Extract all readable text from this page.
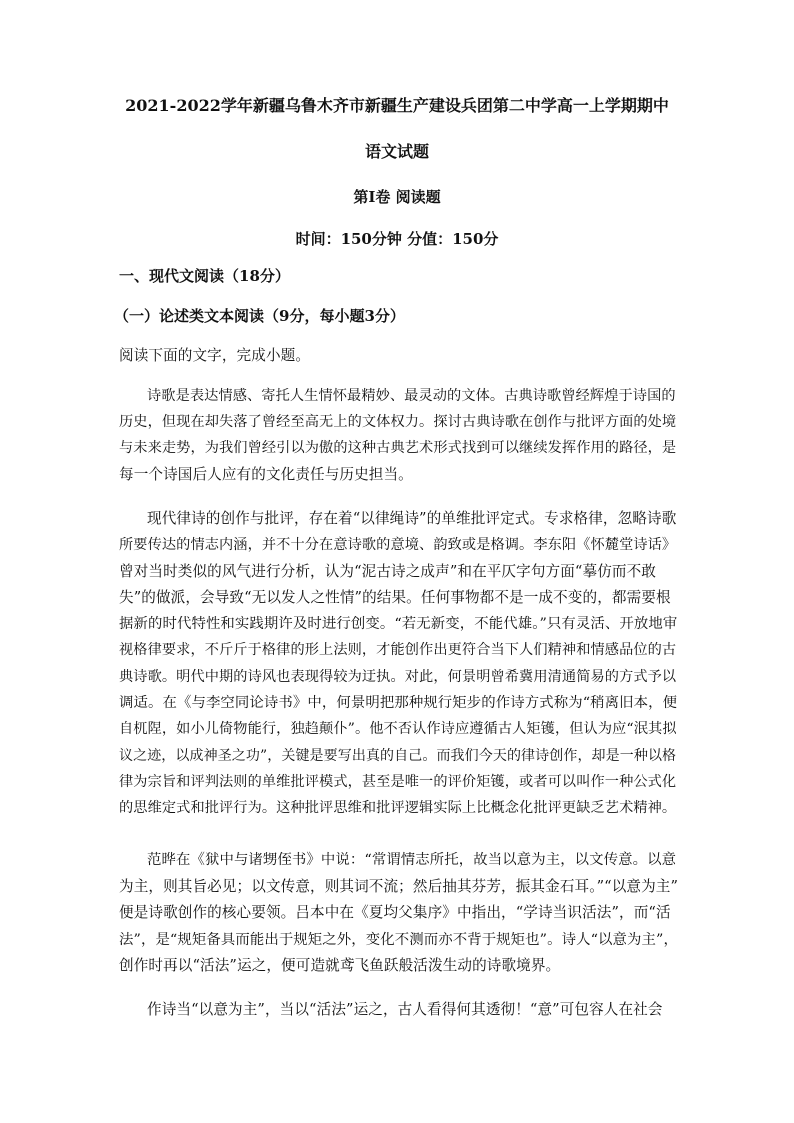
2021-2022学年新疆乌鲁木齐市新疆生产建设兵团第二中学高一上学期期中

语文试题

第Ⅰ卷 阅读题

时间：150分钟 分值：150分

一、现代文阅读（18分）

（一）论述类文本阅读（9分，每小题3分）

阅读下面的文字，完成小题。

诗歌是表达情感、寄托人生情怀最精妙、最灵动的文体。古典诗歌曾经辉煌于诗国的

历史，但现在却失落了曾经至高无上的文体权力。探讨古典诗歌在创作与批评方面的处境

与未来走势，为我们曾经引以为傲的这种古典艺术形式找到可以继续发挥作用的路径，是

每一个诗国后人应有的文化责任与历史担当。

现代律诗的创作与批评，存在着“以律绳诗”的单维批评定式。专求格律，忽略诗歌

所要传达的情志内涵，并不十分在意诗歌的意境、韵致或是格调。李东阳《怀麓堂诗话》

曾对当时类似的风气进行分析，认为“泥古诗之成声”和在平仄字句方面“摹仿而不敢

失”的做派，会导致“无以发人之性情”的结果。任何事物都不是一成不变的，都需要根

据新的时代特性和实践期许及时进行创变。“若无新变，不能代雄。”只有灵活、开放地审

视格律要求，不斤斤于格律的形上法则，才能创作出更符合当下人们精神和情感品位的古

典诗歌。明代中期的诗风也表现得较为迂执。对此，何景明曾希冀用清通简易的方式予以

调适。在《与李空同论诗书》中，何景明把那种规行矩步的作诗方式称为“稍离旧本，便

自杌陧，如小儿倚物能行，独趋颠仆”。他不否认作诗应遵循古人矩镬，但认为应“泯其拟

议之迹，以成神圣之功”，关键是要写出真的自己。而我们今天的律诗创作，却是一种以格

律为宗旨和评判法则的单维批评模式，甚至是唯一的评价矩镬，或者可以叫作一种公式化

的思维定式和批评行为。这种批评思维和批评逻辑实际上比概念化批评更缺乏艺术精神。

范晔在《狱中与诸甥侄书》中说：“常谓情志所托，故当以意为主，以文传意。以意

为主，则其旨必见；以文传意，则其词不流；然后抽其芬芳，振其金石耳。”“以意为主”

便是诗歌创作的核心要领。吕本中在《夏均父集序》中指出，“学诗当识活法”，而“活

法”，是“规矩备具而能出于规矩之外，变化不测而亦不背于规矩也”。诗人“以意为主”，

创作时再以“活法”运之，便可造就鸢飞鱼跃般活泼生动的诗歌境界。

作诗当“以意为主”，当以“活法”运之，古人看得何其透彻！“意”可包容人在社会
